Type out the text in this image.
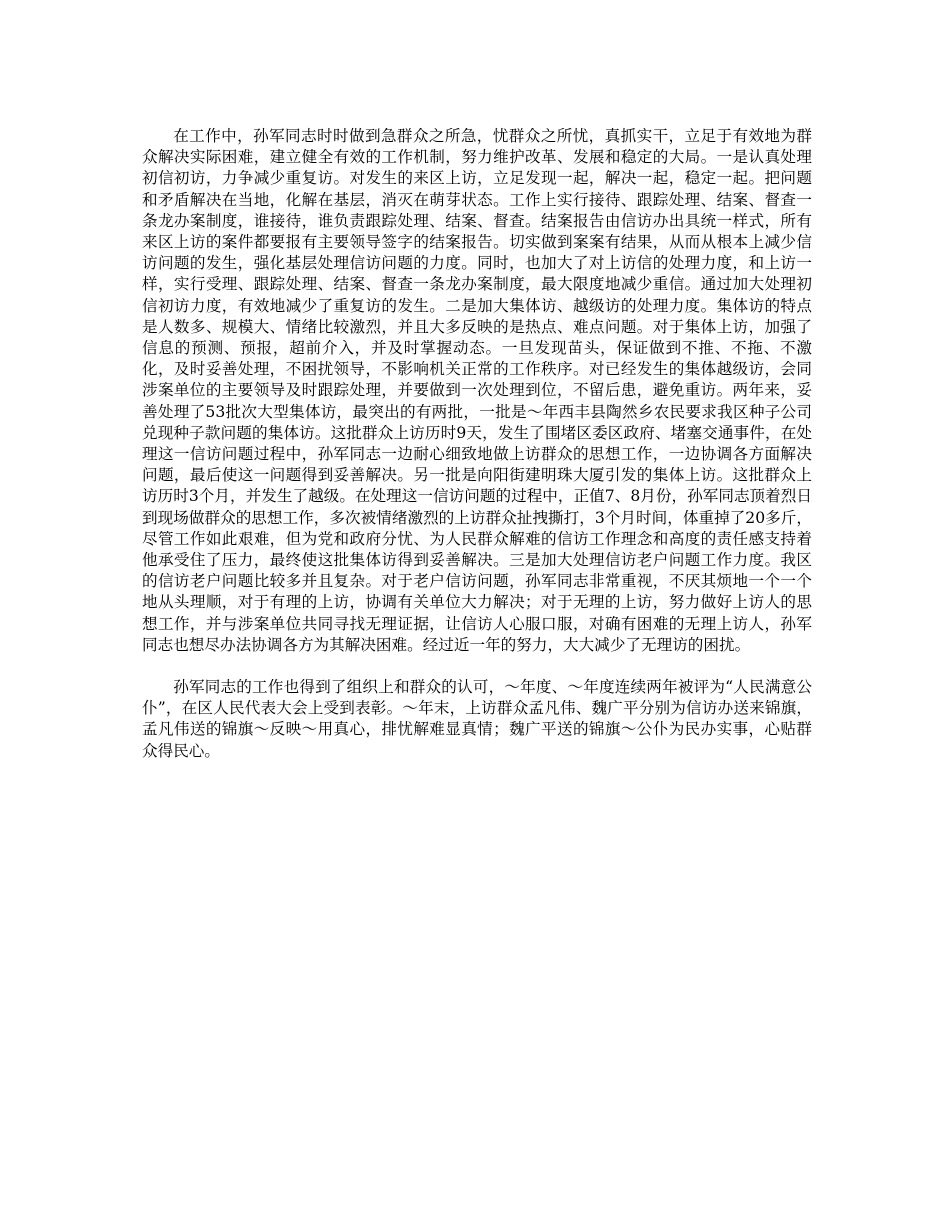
在工作中，孙军同志时时做到急群众之所急，忧群众之所忧，真抓实干，立足于有效地为群众解决实际困难，建立健全有效的工作机制，努力维护改革、发展和稳定的大局。一是认真处理初信初访，力争减少重复访。对发生的来区上访，立足发现一起，解决一起，稳定一起。把问题和矛盾解决在当地，化解在基层，消灭在萌芽状态。工作上实行接待、跟踪处理、结案、督查一条龙办案制度，谁接待，谁负责跟踪处理、结案、督查。结案报告由信访办出具统一样式，所有来区上访的案件都要报有主要领导签字的结案报告。切实做到案案有结果，从而从根本上减少信访问题的发生，强化基层处理信访问题的力度。同时，也加大了对上访信的处理力度，和上访一样，实行受理、跟踪处理、结案、督查一条龙办案制度，最大限度地减少重信。通过加大处理初信初访力度，有效地减少了重复访的发生。二是加大集体访、越级访的处理力度。集体访的特点是人数多、规模大、情绪比较激烈，并且大多反映的是热点、难点问题。对于集体上访，加强了信息的预测、预报，超前介入，并及时掌握动态。一旦发现苗头，保证做到不推、不拖、不激化，及时妥善处理，不困扰领导，不影响机关正常的工作秩序。对已经发生的集体越级访，会同涉案单位的主要领导及时跟踪处理，并要做到一次处理到位，不留后患，避免重访。两年来，妥善处理了53批次大型集体访，最突出的有两批，一批是～年西丰县陶然乡农民要求我区种子公司兑现种子款问题的集体访。这批群众上访历时9天，发生了围堵区委区政府、堵塞交通事件，在处理这一信访问题过程中，孙军同志一边耐心细致地做上访群众的思想工作，一边协调各方面解决问题，最后使这一问题得到妥善解决。另一批是向阳街建明珠大厦引发的集体上访。这批群众上访历时3个月，并发生了越级。在处理这一信访问题的过程中，正值7、8月份，孙军同志顶着烈日到现场做群众的思想工作，多次被情绪激烈的上访群众扯拽撕打，3个月时间，体重掉了20多斤，尽管工作如此艰难，但为党和政府分忧、为人民群众解难的信访工作理念和高度的责任感支持着他承受住了压力，最终使这批集体访得到妥善解决。三是加大处理信访老户问题工作力度。我区的信访老户问题比较多并且复杂。对于老户信访问题，孙军同志非常重视，不厌其烦地一个一个地从头理顺，对于有理的上访，协调有关单位大力解决；对于无理的上访，努力做好上访人的思想工作，并与涉案单位共同寻找无理证据，让信访人心服口服，对确有困难的无理上访人，孙军同志也想尽办法协调各方为其解决困难。经过近一年的努力，大大减少了无理访的困扰。

孙军同志的工作也得到了组织上和群众的认可，～年度、～年度连续两年被评为“人民满意公仆”，在区人民代表大会上受到表彰。～年末，上访群众孟凡伟、魏广平分别为信访办送来锦旗，孟凡伟送的锦旗～反映～用真心，排忧解难显真情；魏广平送的锦旗～公仆为民办实事，心贴群众得民心。
